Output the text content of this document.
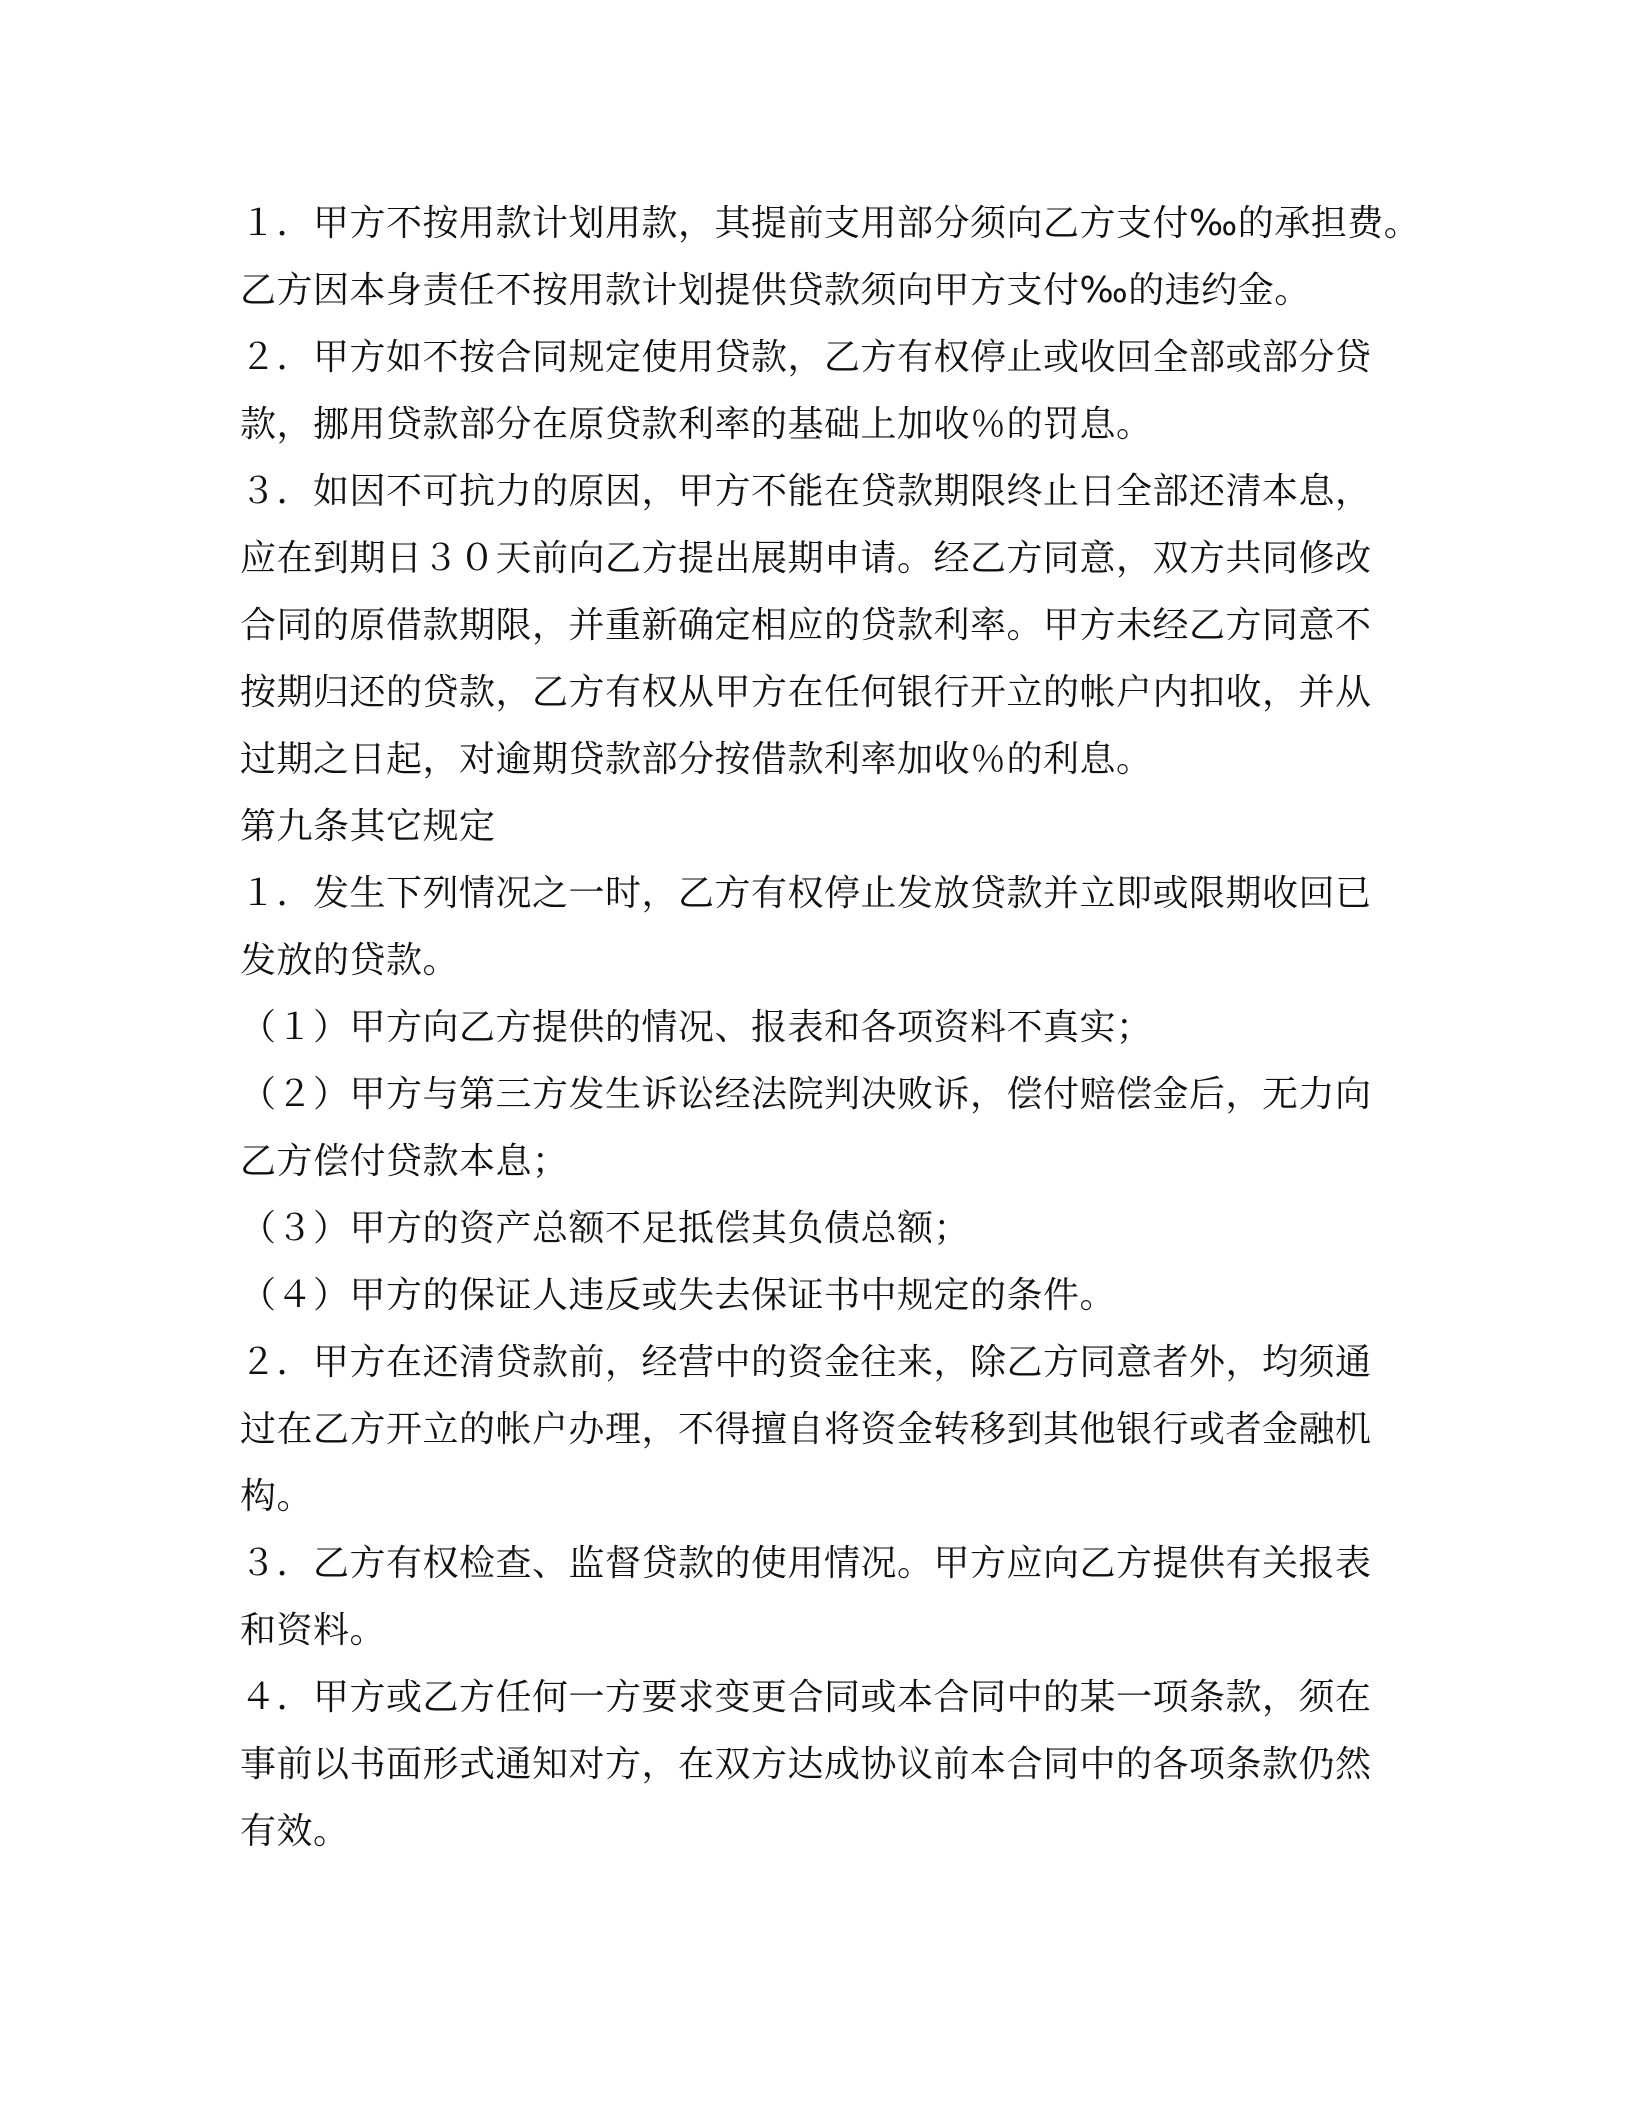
１．甲方不按用款计划用款，其提前支用部分须向乙方支付‰的承担费。
乙方因本身责任不按用款计划提供贷款须向甲方支付‰的违约金。

２．甲方如不按合同规定使用贷款，乙方有权停止或收回全部或部分贷
款，挪用贷款部分在原贷款利率的基础上加收％的罚息。

３．如因不可抗力的原因，甲方不能在贷款期限终止日全部还清本息，
应在到期日３０天前向乙方提出展期申请。经乙方同意，双方共同修改
合同的原借款期限，并重新确定相应的贷款利率。甲方未经乙方同意不
按期归还的贷款，乙方有权从甲方在任何银行开立的帐户内扣收，并从
过期之日起，对逾期贷款部分按借款利率加收％的利息。

第九条其它规定

１．发生下列情况之一时，乙方有权停止发放贷款并立即或限期收回已
发放的贷款。

（１）甲方向乙方提供的情况、报表和各项资料不真实；

（２）甲方与第三方发生诉讼经法院判决败诉，偿付赔偿金后，无力向
乙方偿付贷款本息；

（３）甲方的资产总额不足抵偿其负债总额；

（４）甲方的保证人违反或失去保证书中规定的条件。

２．甲方在还清贷款前，经营中的资金往来，除乙方同意者外，均须通
过在乙方开立的帐户办理，不得擅自将资金转移到其他银行或者金融机
构。

３．乙方有权检查、监督贷款的使用情况。甲方应向乙方提供有关报表
和资料。

４．甲方或乙方任何一方要求变更合同或本合同中的某一项条款，须在
事前以书面形式通知对方，在双方达成协议前本合同中的各项条款仍然
有效。
